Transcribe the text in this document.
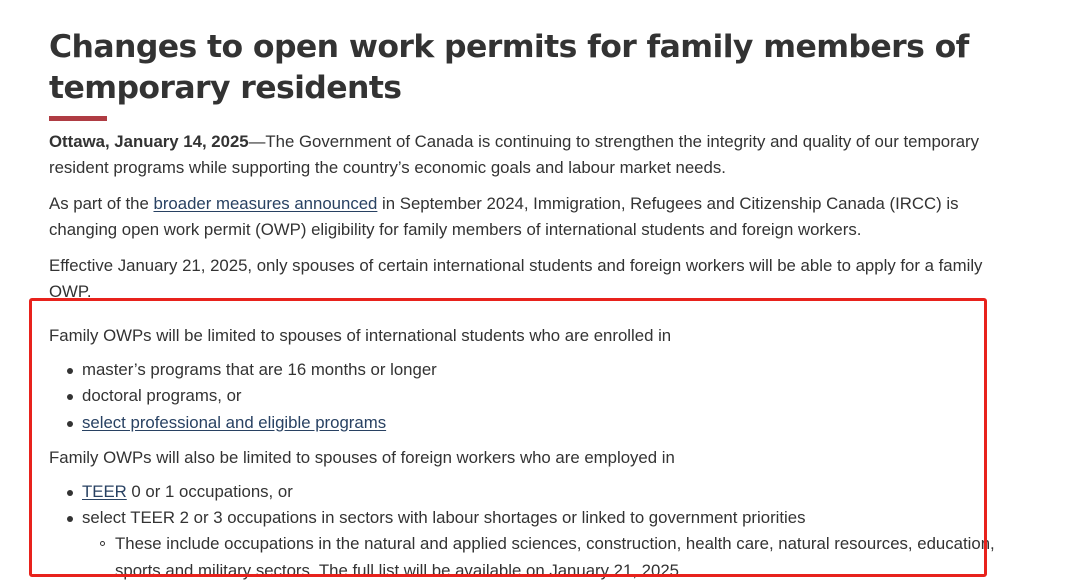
Changes to open work permits for family members of temporary residents

Ottawa, January 14, 2025—The Government of Canada is continuing to strengthen the integrity and quality of our temporary resident programs while supporting the country’s economic goals and labour market needs.

As part of the broader measures announced in September 2024, Immigration, Refugees and Citizenship Canada (IRCC) is changing open work permit (OWP) eligibility for family members of international students and foreign workers.

Effective January 21, 2025, only spouses of certain international students and foreign workers will be able to apply for a family OWP.

Family OWPs will be limited to spouses of international students who are enrolled in

master’s programs that are 16 months or longer
doctoral programs, or
select professional and eligible programs

Family OWPs will also be limited to spouses of foreign workers who are employed in

TEER 0 or 1 occupations, or
select TEER 2 or 3 occupations in sectors with labour shortages or linked to government priorities
These include occupations in the natural and applied sciences, construction, health care, natural resources, education, sports and military sectors. The full list will be available on January 21, 2025.
